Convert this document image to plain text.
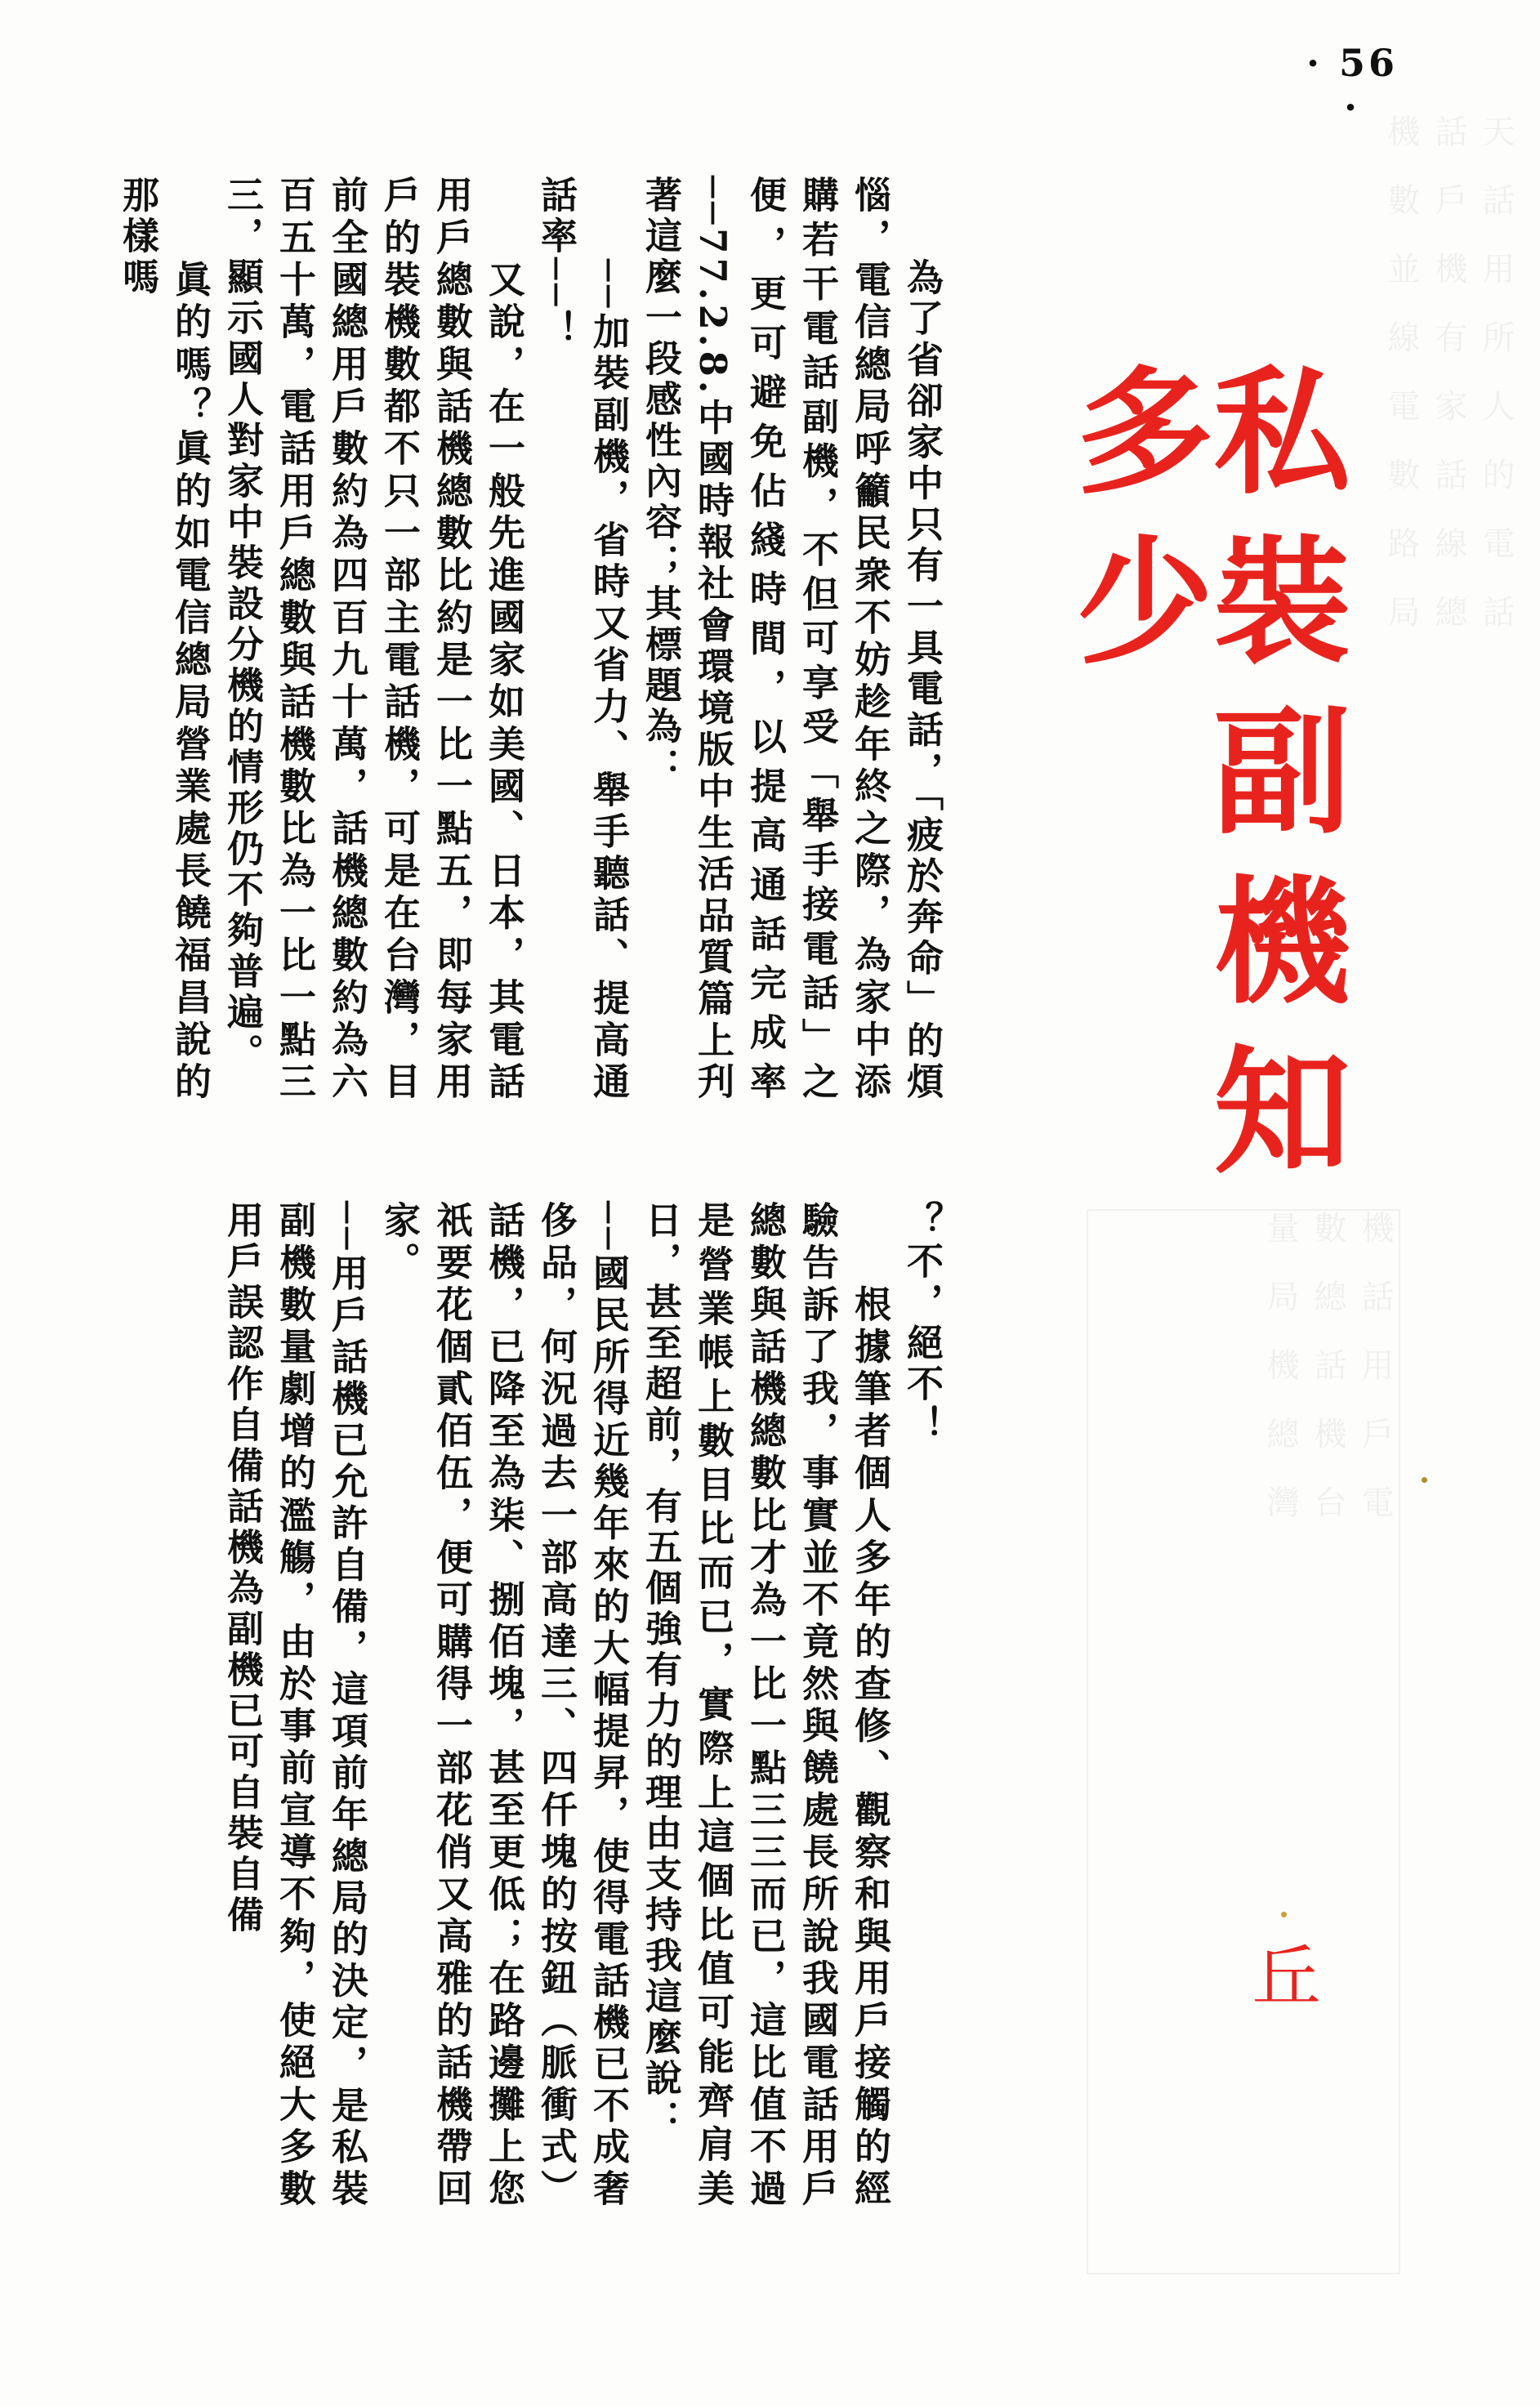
天　話　用　所　人　的　電　話
話　戶　機　有　家　話　線　總
機　數　並　線　電　數　路　局
機　話　用　戶　電
數　總　話　機　台
量　局　機　總　灣
· 56 ·
私裝副機知多少
丘

　　為了省卻家中只有一具電話，「疲於奔命」的煩惱，電信總局呼籲民衆不妨趁年終之際，為家中添購若干電話副機，不但可享受「舉手接電話」之便，更可避免佔綫時間，以提高通話完成率──77.2.8.中國時報社會環境版中生活品質篇上刋著這麼一段感性內容；其標題為：

　　──加裝副機，省時又省力、舉手聽話、提高通話率──！

　　又說，在一般先進國家如美國、日本，其電話用戶總數與話機總數比約是一比一點五，即每家用戶的裝機數都不只一部主電話機，可是在台灣，目前全國總用戶數約為四百九十萬，話機總數約為六百五十萬，電話用戶總數與話機數比為一比一點三三，顯示國人對家中裝設分機的情形仍不夠普遍。

　　眞的嗎？眞的如電信總局營業處長饒福昌說的那樣嗎

？不，絕不！

　　根據筆者個人多年的查修、觀察和與用戶接觸的經驗告訴了我，事實並不竟然與饒處長所說我國電話用戶總數與話機總數比才為一比一點三三而已，這比值不過是營業帳上數目比而已，實際上這個比值可能齊肩美日，甚至超前，有五個強有力的理由支持我這麼說：

──國民所得近幾年來的大幅提昇，使得電話機已不成奢侈品，何況過去一部高達三、四仟塊的按鈕（脈衝式）話機，已降至為柒、捌佰塊，甚至更低；在路邊攤上您祇要花個貳佰伍，便可購得一部花俏又高雅的話機帶回家。

──用戶話機已允許自備，這項前年總局的決定，是私裝副機數量劇增的濫觴，由於事前宣導不夠，使絕大多數用戶誤認作自備話機為副機已可自裝自備
